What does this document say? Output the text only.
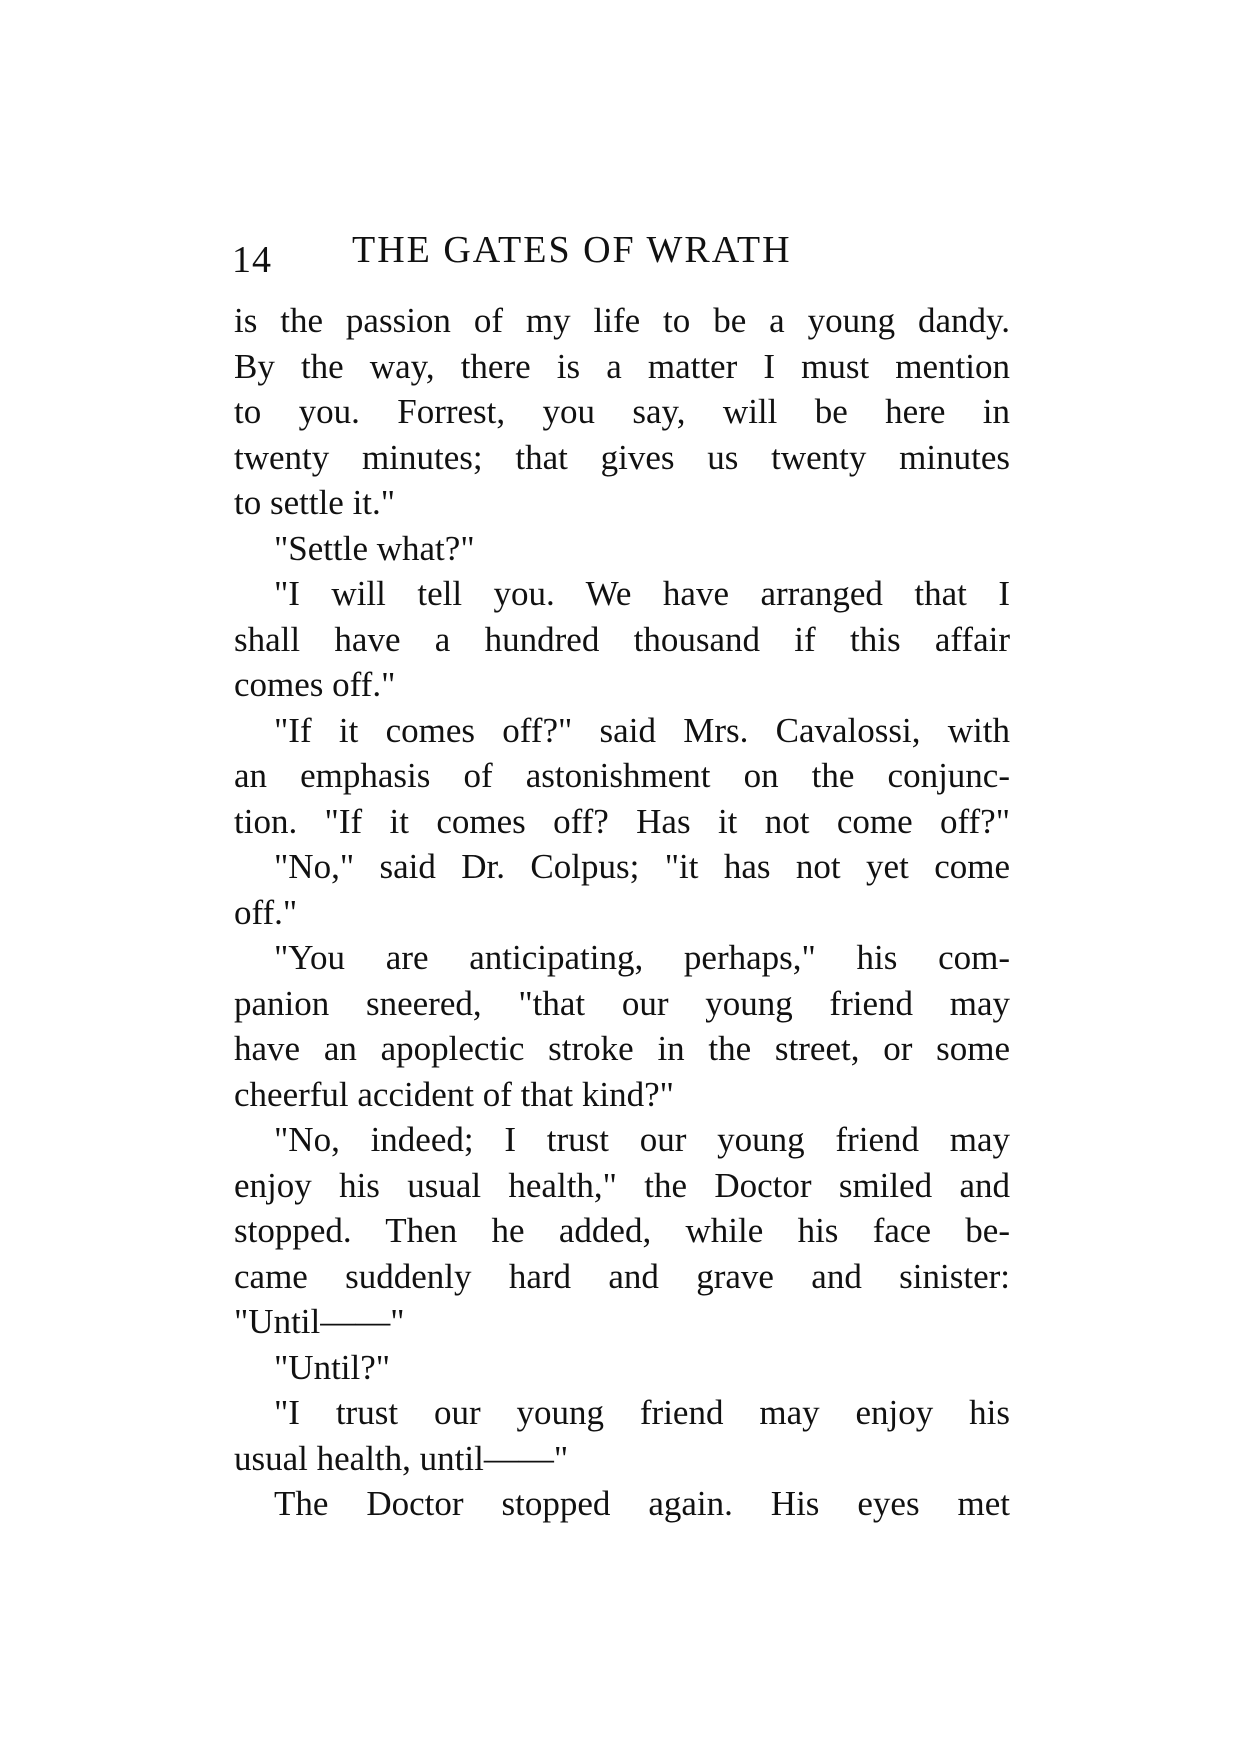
14 THE GATES OF WRATH
is the passion of my life to be a young dandy.
By the way, there is a matter I must mention
to you. Forrest, you say, will be here in
twenty minutes; that gives us twenty minutes
to settle it."
"Settle what?"
"I will tell you. We have arranged that I
shall have a hundred thousand if this affair
comes off."
"If it comes off?" said Mrs. Cavalossi, with
an emphasis of astonishment on the conjunc-
tion. "If it comes off? Has it not come off?"
"No," said Dr. Colpus; "it has not yet come
off."
"You are anticipating, perhaps," his com-
panion sneered, "that our young friend may
have an apoplectic stroke in the street, or some
cheerful accident of that kind?"
"No, indeed; I trust our young friend may
enjoy his usual health," the Doctor smiled and
stopped. Then he added, while his face be-
came suddenly hard and grave and sinister:
"Until——"
"Until?"
"I trust our young friend may enjoy his
usual health, until——"
The Doctor stopped again. His eyes met
